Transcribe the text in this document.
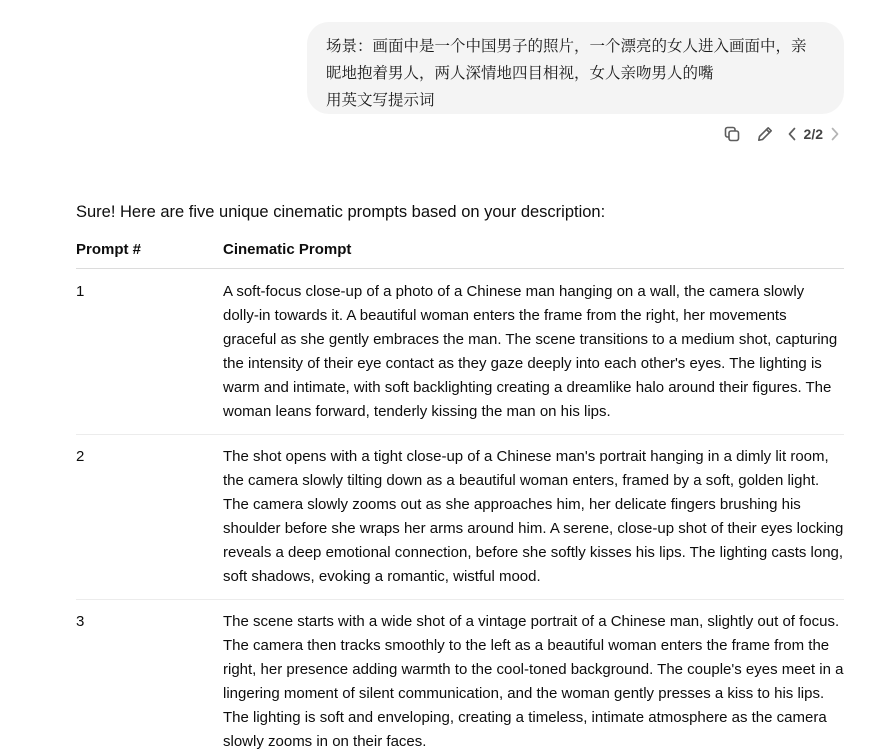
场景：画面中是一个中国男子的照片，一个漂亮的女人进入画面中，亲
昵地抱着男人，两人深情地四目相视，女人亲吻男人的嘴
用英文写提示词
2/2

Sure! Here are five unique cinematic prompts based on your description:

Prompt #	Cinematic Prompt
1	A soft-focus close-up of a photo of a Chinese man hanging on a wall, the camera slowly dolly-in towards it. A beautiful woman enters the frame from the right, her movements graceful as she gently embraces the man. The scene transitions to a medium shot, capturing the intensity of their eye contact as they gaze deeply into each other's eyes. The lighting is warm and intimate, with soft backlighting creating a dreamlike halo around their figures. The woman leans forward, tenderly kissing the man on his lips.
2	The shot opens with a tight close-up of a Chinese man's portrait hanging in a dimly lit room, the camera slowly tilting down as a beautiful woman enters, framed by a soft, golden light. The camera slowly zooms out as she approaches him, her delicate fingers brushing his shoulder before she wraps her arms around him. A serene, close-up shot of their eyes locking reveals a deep emotional connection, before she softly kisses his lips. The lighting casts long, soft shadows, evoking a romantic, wistful mood.
3	The scene starts with a wide shot of a vintage portrait of a Chinese man, slightly out of focus. The camera then tracks smoothly to the left as a beautiful woman enters the frame from the right, her presence adding warmth to the cool-toned background. The couple's eyes meet in a lingering moment of silent communication, and the woman gently presses a kiss to his lips. The lighting is soft and enveloping, creating a timeless, intimate atmosphere as the camera slowly zooms in on their faces.
